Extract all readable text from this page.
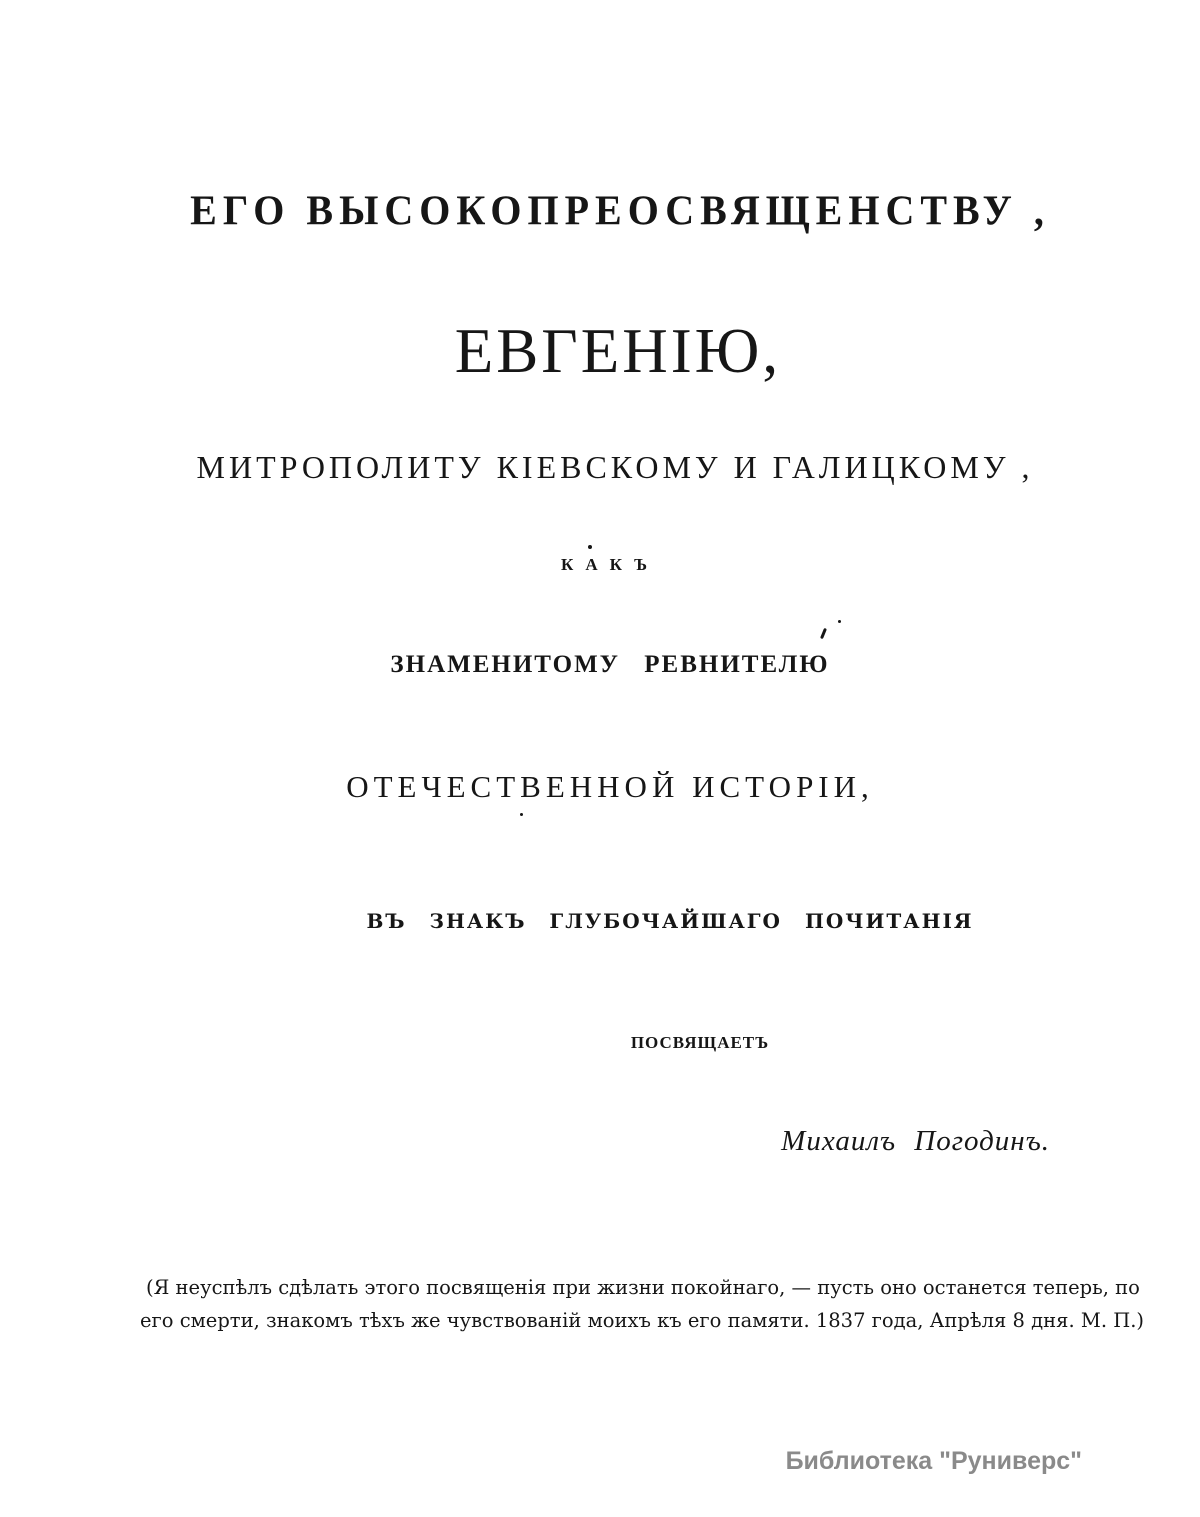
ЕГО ВЫСОКОПРЕОСВЯЩЕНСТВУ ,
ЕВГЕНІЮ,
МИТРОПОЛИТУ КІЕВСКОМУ И ГАЛИЦКОМУ ,
КАКЪ
ЗНАМЕНИТОМУ РЕВНИТЕЛЮ
ОТЕЧЕСТВЕННОЙ ИСТОРІИ,
ВЪ ЗНАКЪ ГЛУБОЧАЙШАГО ПОЧИТАНІЯ
ПОСВЯЩАЕТЪ
Михаилъ Погодинъ.
(Я неуспѣлъ сдѣлать этого посвященія при жизни покойнаго, — пусть оно останется теперь, по
его смерти, знакомъ тѣхъ же чувствованій моихъ къ его памяти. 1837 года, Апрѣля 8 дня. М. П.)
Библиотека "Руниверс"
